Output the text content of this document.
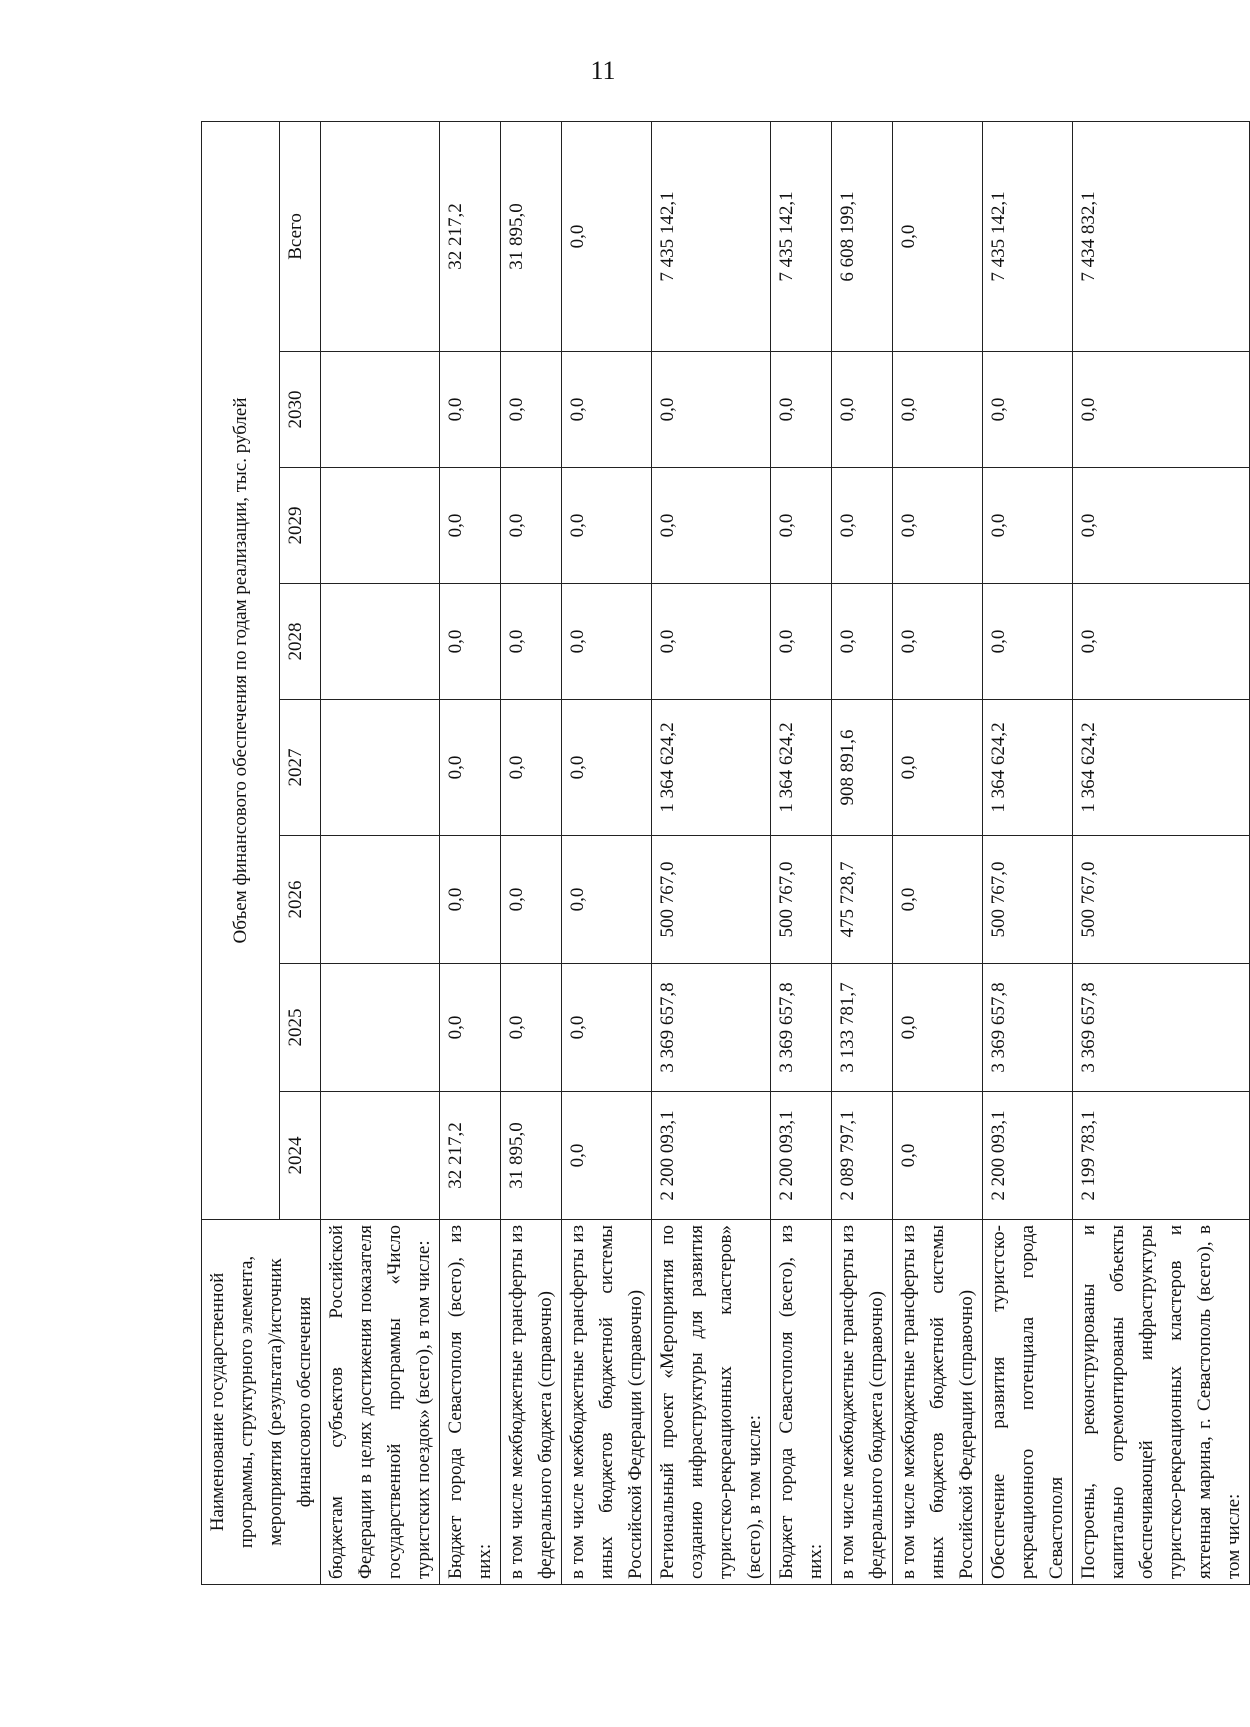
11
Наименование государственной программы, структурного элемента, мероприятия (результата)/источник финансового обеспечения	Объем финансового обеспечения по годам реализации, тыс. рублей							
	2024	2025	2026	2027	2028	2029	2030	Всего
бюджетам субъектов Российской Федерации в целях достижения показателя государственной программы «Число туристских поездок» (всего), в том числе:								
Бюджет города Севастополя (всего), из них:	32 217,2	0,0	0,0	0,0	0,0	0,0	0,0	32 217,2
в том числе межбюджетные трансферты из федерального бюджета (справочно)	31 895,0	0,0	0,0	0,0	0,0	0,0	0,0	31 895,0
в том числе межбюджетные трансферты из иных бюджетов бюджетной системы Российской Федерации (справочно)	0,0	0,0	0,0	0,0	0,0	0,0	0,0	0,0
Региональный проект «Мероприятия по созданию инфраструктуры для развития туристско-рекреационных кластеров» (всего), в том числе:	2 200 093,1	3 369 657,8	500 767,0	1 364 624,2	0,0	0,0	0,0	7 435 142,1
Бюджет города Севастополя (всего), из них:	2 200 093,1	3 369 657,8	500 767,0	1 364 624,2	0,0	0,0	0,0	7 435 142,1
в том числе межбюджетные трансферты из федерального бюджета (справочно)	2 089 797,1	3 133 781,7	475 728,7	908 891,6	0,0	0,0	0,0	6 608 199,1
в том числе межбюджетные трансферты из иных бюджетов бюджетной системы Российской Федерации (справочно)	0,0	0,0	0,0	0,0	0,0	0,0	0,0	0,0
Обеспечение развития туристско-рекреационного потенциала города Севастополя	2 200 093,1	3 369 657,8	500 767,0	1 364 624,2	0,0	0,0	0,0	7 435 142,1
Построены, реконструированы и капитально отремонтированы объекты обеспечивающей инфраструктуры туристско-рекреационных кластеров и яхтенная марина, г. Севастополь (всего), в том числе:	2 199 783,1	3 369 657,8	500 767,0	1 364 624,2	0,0	0,0	0,0	7 434 832,1
